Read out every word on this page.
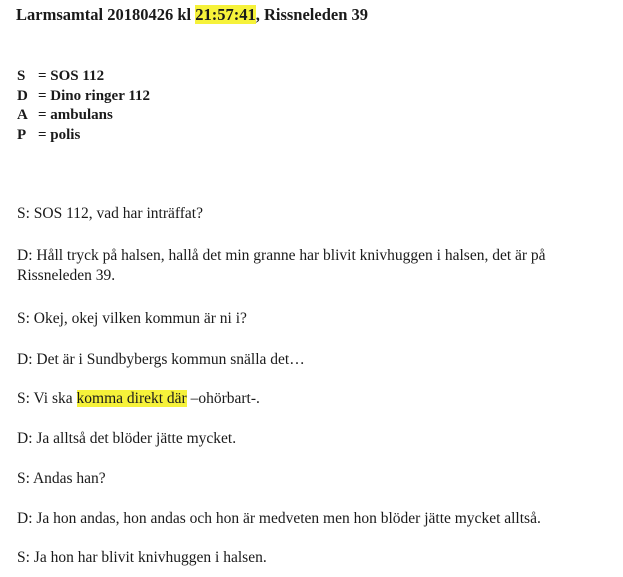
Larmsamtal 20180426 kl 21:57:41, Rissneleden 39
S = SOS 112
D = Dino ringer 112
A = ambulans
P = polis
S: SOS 112, vad har inträffat?
D: Håll tryck på halsen, hallå det min granne har blivit knivhuggen i halsen, det är på
Rissneleden 39.
S: Okej, okej vilken kommun är ni i?
D: Det är i Sundbybergs kommun snälla det…
S: Vi ska komma direkt där –ohörbart-.
D: Ja alltså det blöder jätte mycket.
S: Andas han?
D: Ja hon andas, hon andas och hon är medveten men hon blöder jätte mycket alltså.
S: Ja hon har blivit knivhuggen i halsen.
